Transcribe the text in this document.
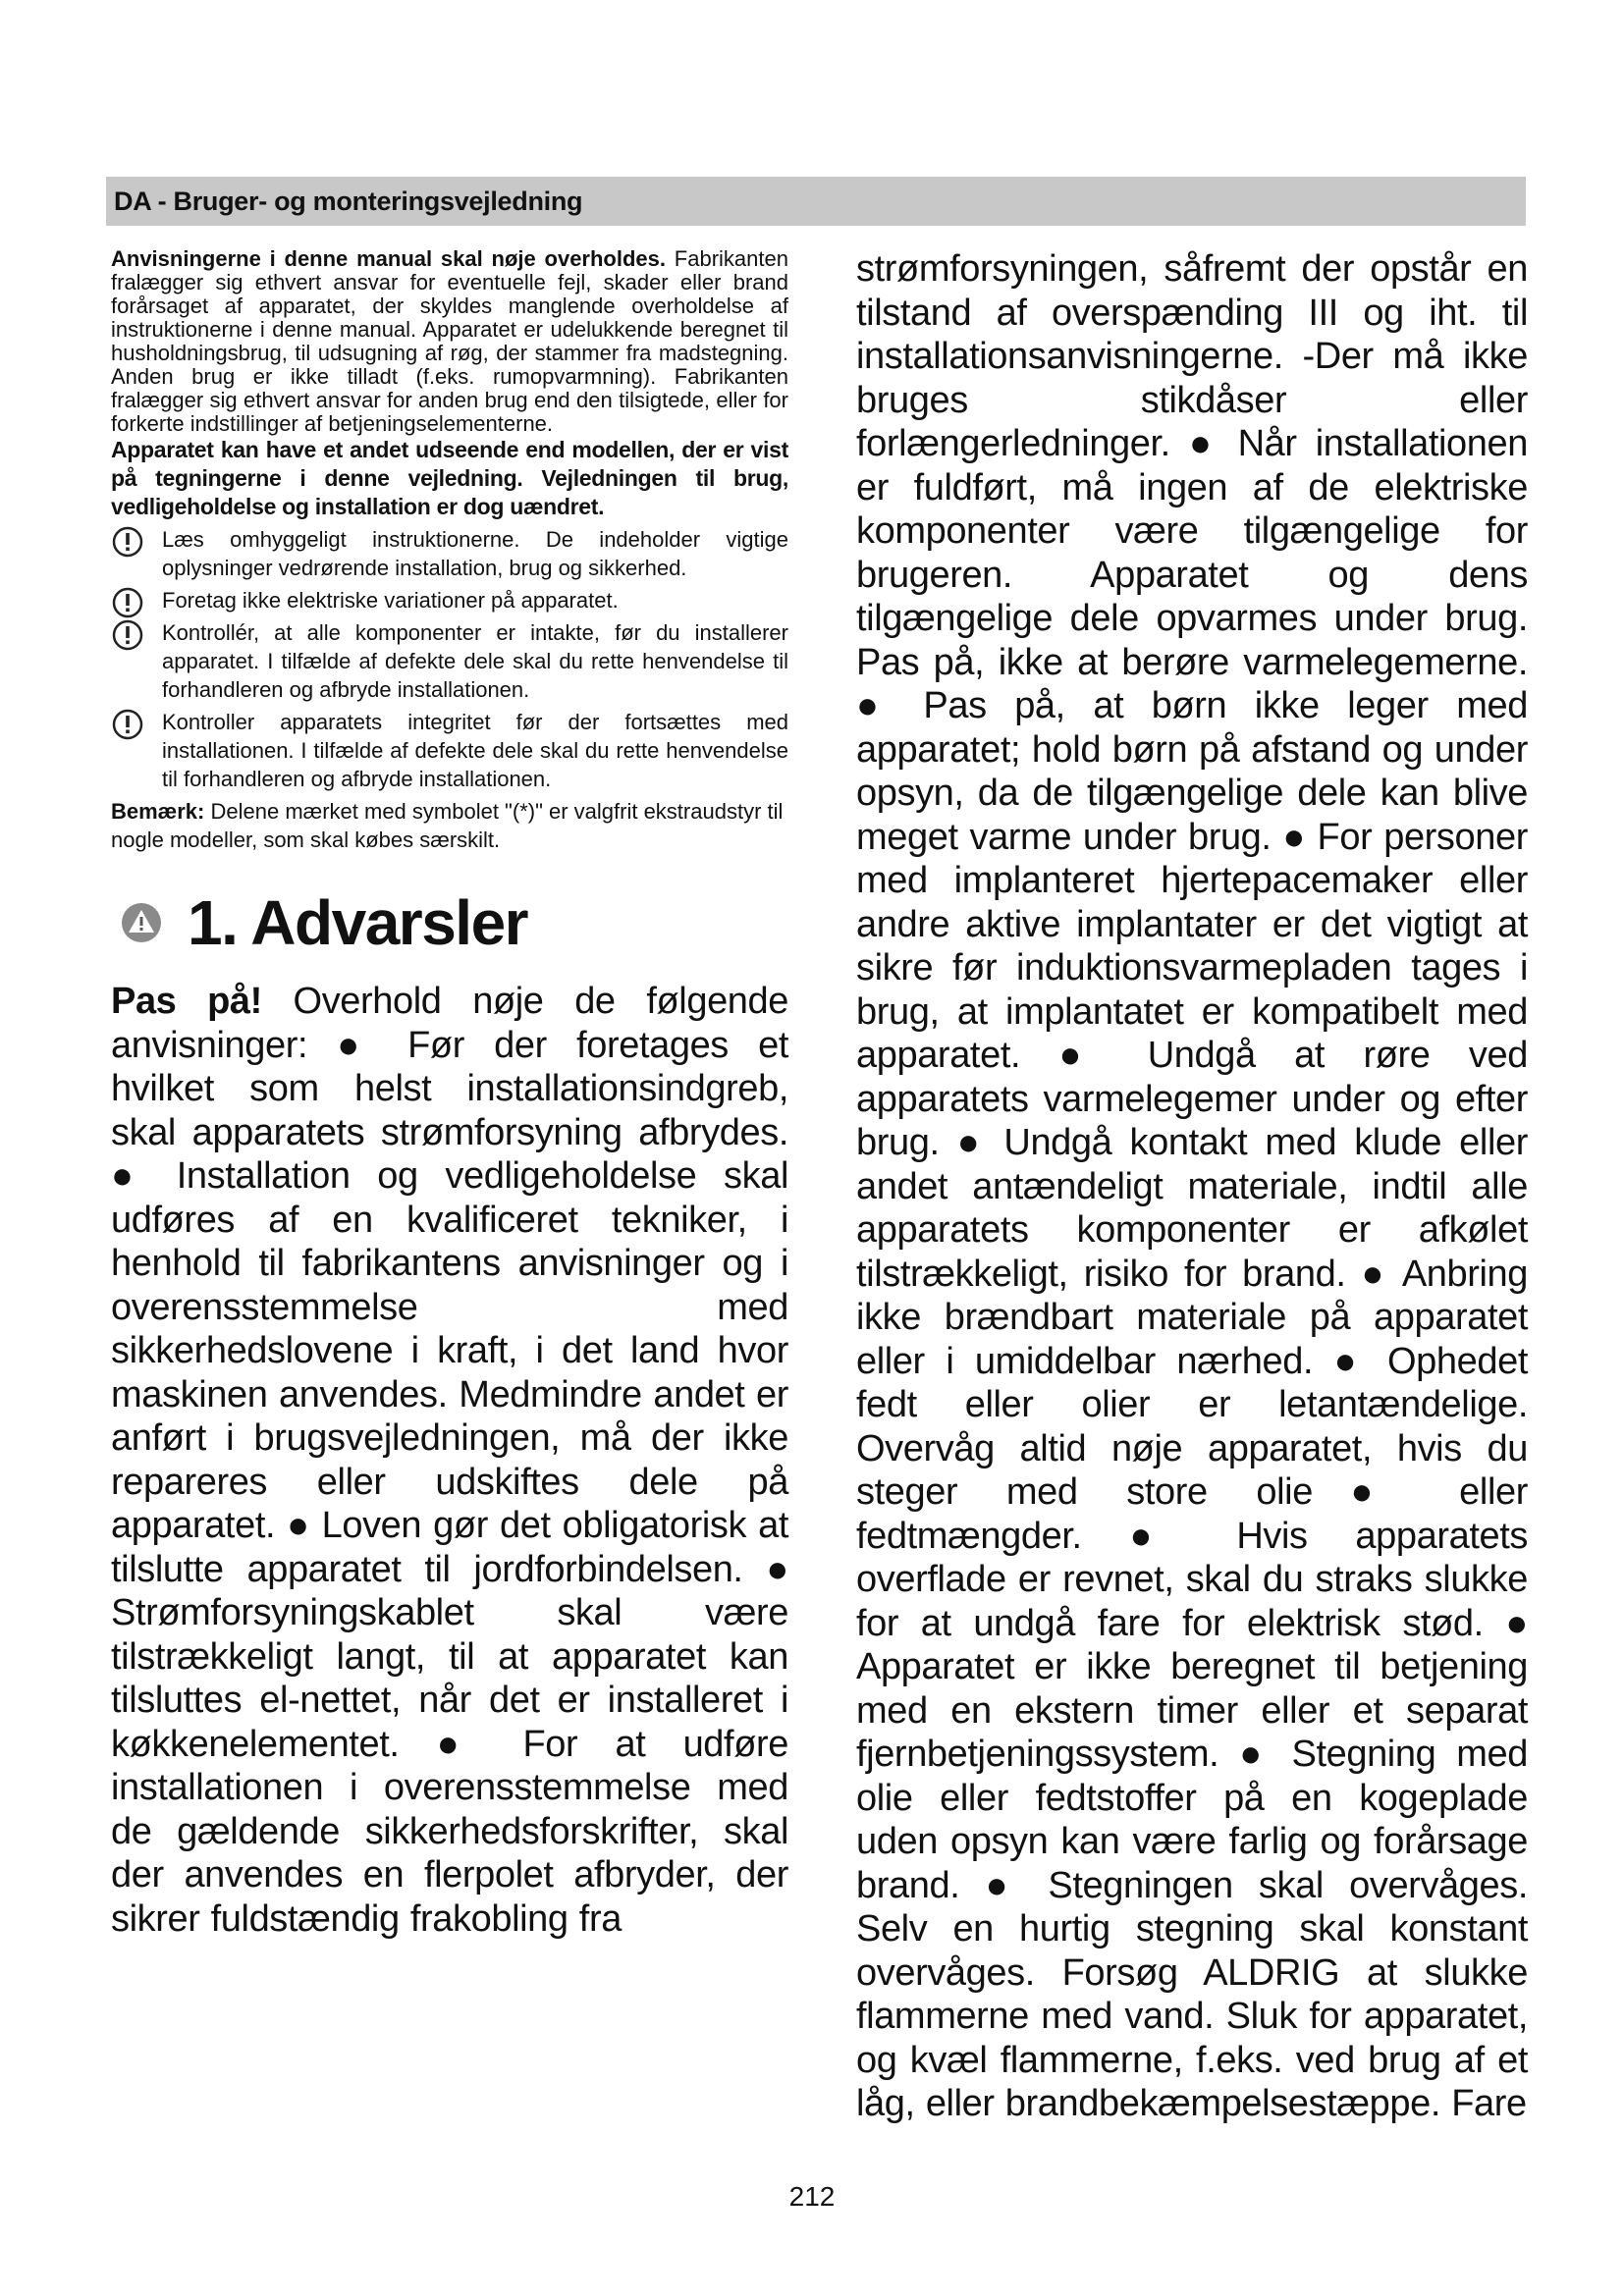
DA - Bruger- og monteringsvejledning

Anvisningerne i denne manual skal nøje overholdes. Fabrikanten fralægger sig ethvert ansvar for eventuelle fejl, skader eller brand forårsaget af apparatet, der skyldes manglende overholdelse af instruktionerne i denne manual. Apparatet er udelukkende beregnet til husholdningsbrug, til udsugning af røg, der stammer fra madstegning. Anden brug er ikke tilladt (f.eks. rumopvarmning). Fabrikanten fralægger sig ethvert ansvar for anden brug end den tilsigtede, eller for forkerte indstillinger af betjeningselementerne.

Apparatet kan have et andet udseende end modellen, der er vist på tegningerne i denne vejledning. Vejledningen til brug, vedligeholdelse og installation er dog uændret.

Læs omhyggeligt instruktionerne. De indeholder vigtige oplysninger vedrørende installation, brug og sikkerhed.
Foretag ikke elektriske variationer på apparatet.
Kontrollér, at alle komponenter er intakte, før du installerer apparatet. I tilfælde af defekte dele skal du rette henvendelse til forhandleren og afbryde installationen.
Kontroller apparatets integritet før der fortsættes med installationen. I tilfælde af defekte dele skal du rette henvendelse til forhandleren og afbryde installationen.

Bemærk: Delene mærket med symbolet "(*)" er valgfrit ekstraudstyr til nogle modeller, som skal købes særskilt.

1. Advarsler

Pas på! Overhold nøje de følgende anvisninger: ● Før der foretages et hvilket som helst installationsindgreb, skal apparatets strømforsyning afbrydes. ● Installation og vedligeholdelse skal udføres af en kvalificeret tekniker, i henhold til fabrikantens anvisninger og i overensstemmelse med sikkerhedslovene i kraft, i det land hvor maskinen anvendes. Medmindre andet er anført i brugsvejledningen, må der ikke repareres eller udskiftes dele på apparatet. ● Loven gør det obligatorisk at tilslutte apparatet til jordforbindelsen. ● Strømforsyningskablet skal være tilstrækkeligt langt, til at apparatet kan tilsluttes el-nettet, når det er installeret i køkkenelementet. ● For at udføre installationen i overensstemmelse med de gældende sikkerhedsforskrifter, skal der anvendes en flerpolet afbryder, der sikrer fuldstændig frakobling fra

strømforsyningen, såfremt der opstår en tilstand af overspænding III og iht. til installationsanvisningerne. -Der må ikke bruges stikdåser eller forlængerledninger. ● Når installationen er fuldført, må ingen af de elektriske komponenter være tilgængelige for brugeren. Apparatet og dens tilgængelige dele opvarmes under brug. Pas på, ikke at berøre varmelegemerne. ● Pas på, at børn ikke leger med apparatet; hold børn på afstand og under opsyn, da de tilgængelige dele kan blive meget varme under brug. ● For personer med implanteret hjertepacemaker eller andre aktive implantater er det vigtigt at sikre før induktionsvarmepladen tages i brug, at implantatet er kompatibelt med apparatet. ● Undgå at røre ved apparatets varmelegemer under og efter brug. ● Undgå kontakt med klude eller andet antændeligt materiale, indtil alle apparatets komponenter er afkølet tilstrækkeligt, risiko for brand. ● Anbring ikke brændbart materiale på apparatet eller i umiddelbar nærhed. ● Ophedet fedt eller olier er letantændelige. Overvåg altid nøje apparatet, hvis du steger med store olie● eller fedtmængder. ● Hvis apparatets overflade er revnet, skal du straks slukke for at undgå fare for elektrisk stød. ● Apparatet er ikke beregnet til betjening med en ekstern timer eller et separat fjernbetjeningssystem. ● Stegning med olie eller fedtstoffer på en kogeplade uden opsyn kan være farlig og forårsage brand. ● Stegningen skal overvåges. Selv en hurtig stegning skal konstant overvåges. Forsøg ALDRIG at slukke flammerne med vand. Sluk for apparatet, og kvæl flammerne, f.eks. ved brug af et låg, eller brandbekæmpelsestæppe. Fare

212
